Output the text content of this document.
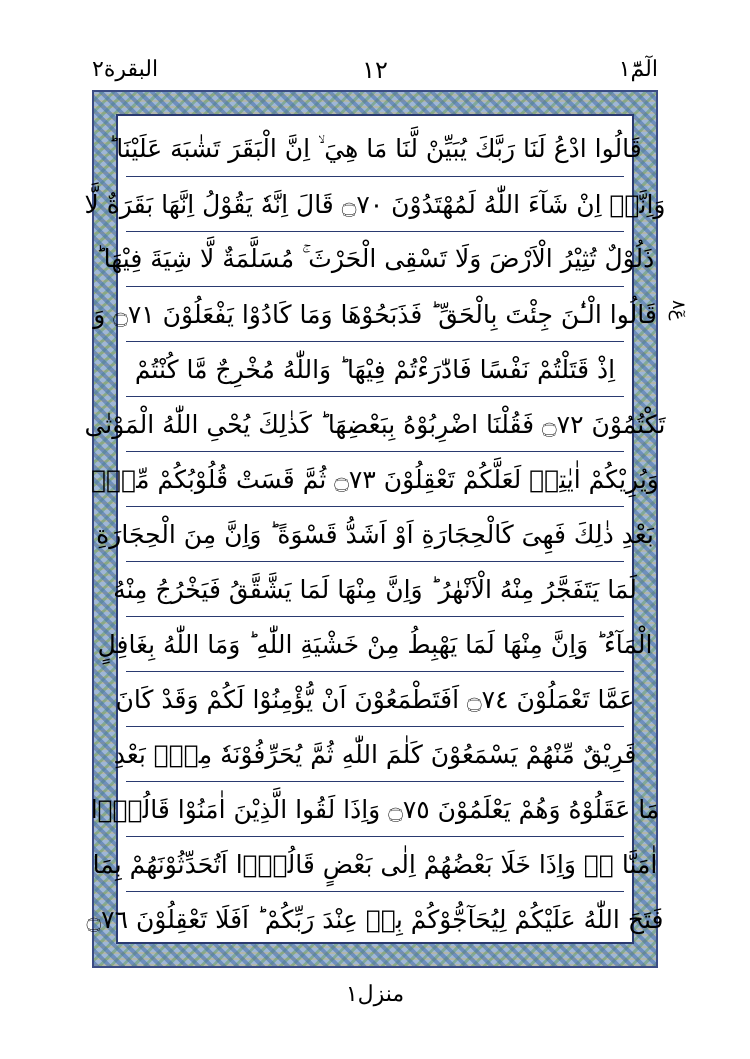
البقرة٢	١٢	الٓمّٓ١
قَالُوا ادْعُ لَنَا رَبَّكَ يُبَيِّنْ لَّنَا مَا هِيَ ۙ اِنَّ الْبَقَرَ تَشٰبَهَ عَلَيْنَا ؕ
وَاِنَّاۤ اِنْ شَآءَ اللّٰهُ لَمُهْتَدُوْنَ ۝٧٠ قَالَ اِنَّهٗ يَقُوْلُ اِنَّهَا بَقَرَةٌ لَّا
ذَلُوْلٌ تُثِيْرُ الْاَرْضَ وَلَا تَسْقِى الْحَرْثَ ۚ مُسَلَّمَةٌ لَّا شِيَةَ فِيْهَا ؕ
قَالُوا الْـٰٔنَ جِئْتَ بِالْحَقِّ ؕ فَذَبَحُوْهَا وَمَا كَادُوْا يَفْعَلُوْنَ ۝٧١ وَ
اِذْ قَتَلْتُمْ نَفْسًا فَادّٰرَءْتُمْ فِيْهَا ؕ وَاللّٰهُ مُخْرِجٌ مَّا كُنْتُمْ
تَكْتُمُوْنَ ۝٧٢ فَقُلْنَا اضْرِبُوْهُ بِبَعْضِهَا ؕ كَذٰلِكَ يُحْىِ اللّٰهُ الْمَوْتٰى
وَيُرِيْكُمْ اٰيٰتِهٖ لَعَلَّكُمْ تَعْقِلُوْنَ ۝٧٣ ثُمَّ قَسَتْ قُلُوْبُكُمْ مِّنْۢ
بَعْدِ ذٰلِكَ فَهِىَ كَالْحِجَارَةِ اَوْ اَشَدُّ قَسْوَةً ؕ وَاِنَّ مِنَ الْحِجَارَةِ
لَمَا يَتَفَجَّرُ مِنْهُ الْاَنْهٰرُ ؕ وَاِنَّ مِنْهَا لَمَا يَشَّقَّقُ فَيَخْرُجُ مِنْهُ
الْمَآءُ ؕ وَاِنَّ مِنْهَا لَمَا يَهْبِطُ مِنْ خَشْيَةِ اللّٰهِ ؕ وَمَا اللّٰهُ بِغَافِلٍ
عَمَّا تَعْمَلُوْنَ ۝٧٤ اَفَتَطْمَعُوْنَ اَنْ يُّؤْمِنُوْا لَكُمْ وَقَدْ كَانَ
فَرِيْقٌ مِّنْهُمْ يَسْمَعُوْنَ كَلٰمَ اللّٰهِ ثُمَّ يُحَرِّفُوْنَهٗ مِنْۢ بَعْدِ
مَا عَقَلُوْهُ وَهُمْ يَعْلَمُوْنَ ۝٧٥ وَاِذَا لَقُوا الَّذِيْنَ اٰمَنُوْا قَالُوْۤا
اٰمَنَّا ۖۚ وَاِذَا خَلَا بَعْضُهُمْ اِلٰى بَعْضٍ قَالُوْۤا اَتُحَدِّثُوْنَهُمْ بِمَا
فَتَحَ اللّٰهُ عَلَيْكُمْ لِيُحَآجُّوْكُمْ بِهٖ عِنْدَ رَبِّكُمْ ؕ اَفَلَا تَعْقِلُوْنَ ۝٧٦
عٓ٨
منزل١
